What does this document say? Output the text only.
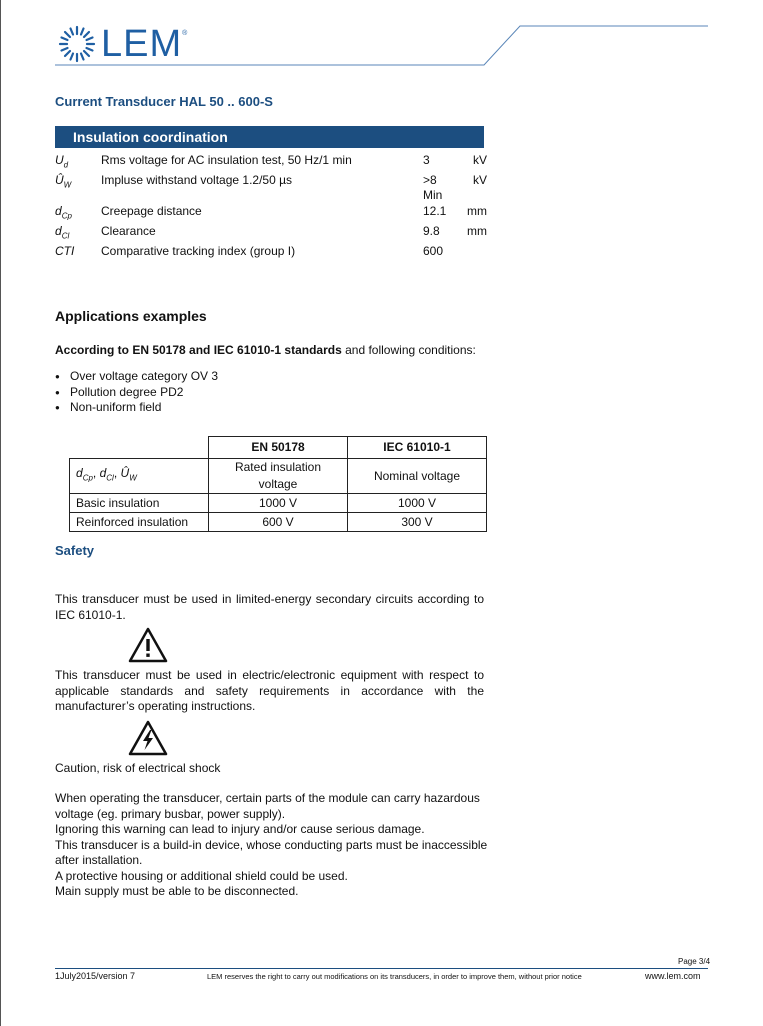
LEM ®
Current Transducer HAL 50 .. 600-S
Insulation coordination
$U_d$	Rms voltage for AC insulation test, 50 Hz/1 min	3	kV
$Û_W$	Impluse withstand voltage 1.2/50 µs	>8 Min	kV
$d_{Cp}$	Creepage distance	12.1	mm
$d_{Cl}$	Clearance	9.8	mm
CTI	Comparative tracking index (group I)	600	
Applications examples
According to EN 50178 and IEC 61010-1 standards and following conditions:
● Over voltage category OV 3
● Pollution degree PD2
● Non-uniform field
	EN 50178	IEC 61010-1
$d_{Cp}$, $d_{Cl}$, $Û_W$	Rated insulation voltage	Nominal voltage
Basic insulation	1000 V	1000 V
Reinforced insulation	600 V	300 V
Safety
This transducer must be used in limited-energy secondary circuits according to IEC 61010-1.
This transducer must be used in electric/electronic equipment with respect to applicable standards and safety requirements in accordance with the manufacturer’s operating instructions.
Caution, risk of electrical shock
When operating the transducer, certain parts of the module can carry hazardous
voltage (eg. primary busbar, power supply).
Ignoring this warning can lead to injury and/or cause serious damage.
This transducer is a build-in device, whose conducting parts must be inaccessible
after installation.
A protective housing or additional shield could be used.
Main supply must be able to be disconnected.
Page 3/4
1July2015/version 7	LEM reserves the right to carry out modifications on its transducers, in order to improve them, without prior notice	www.lem.com
